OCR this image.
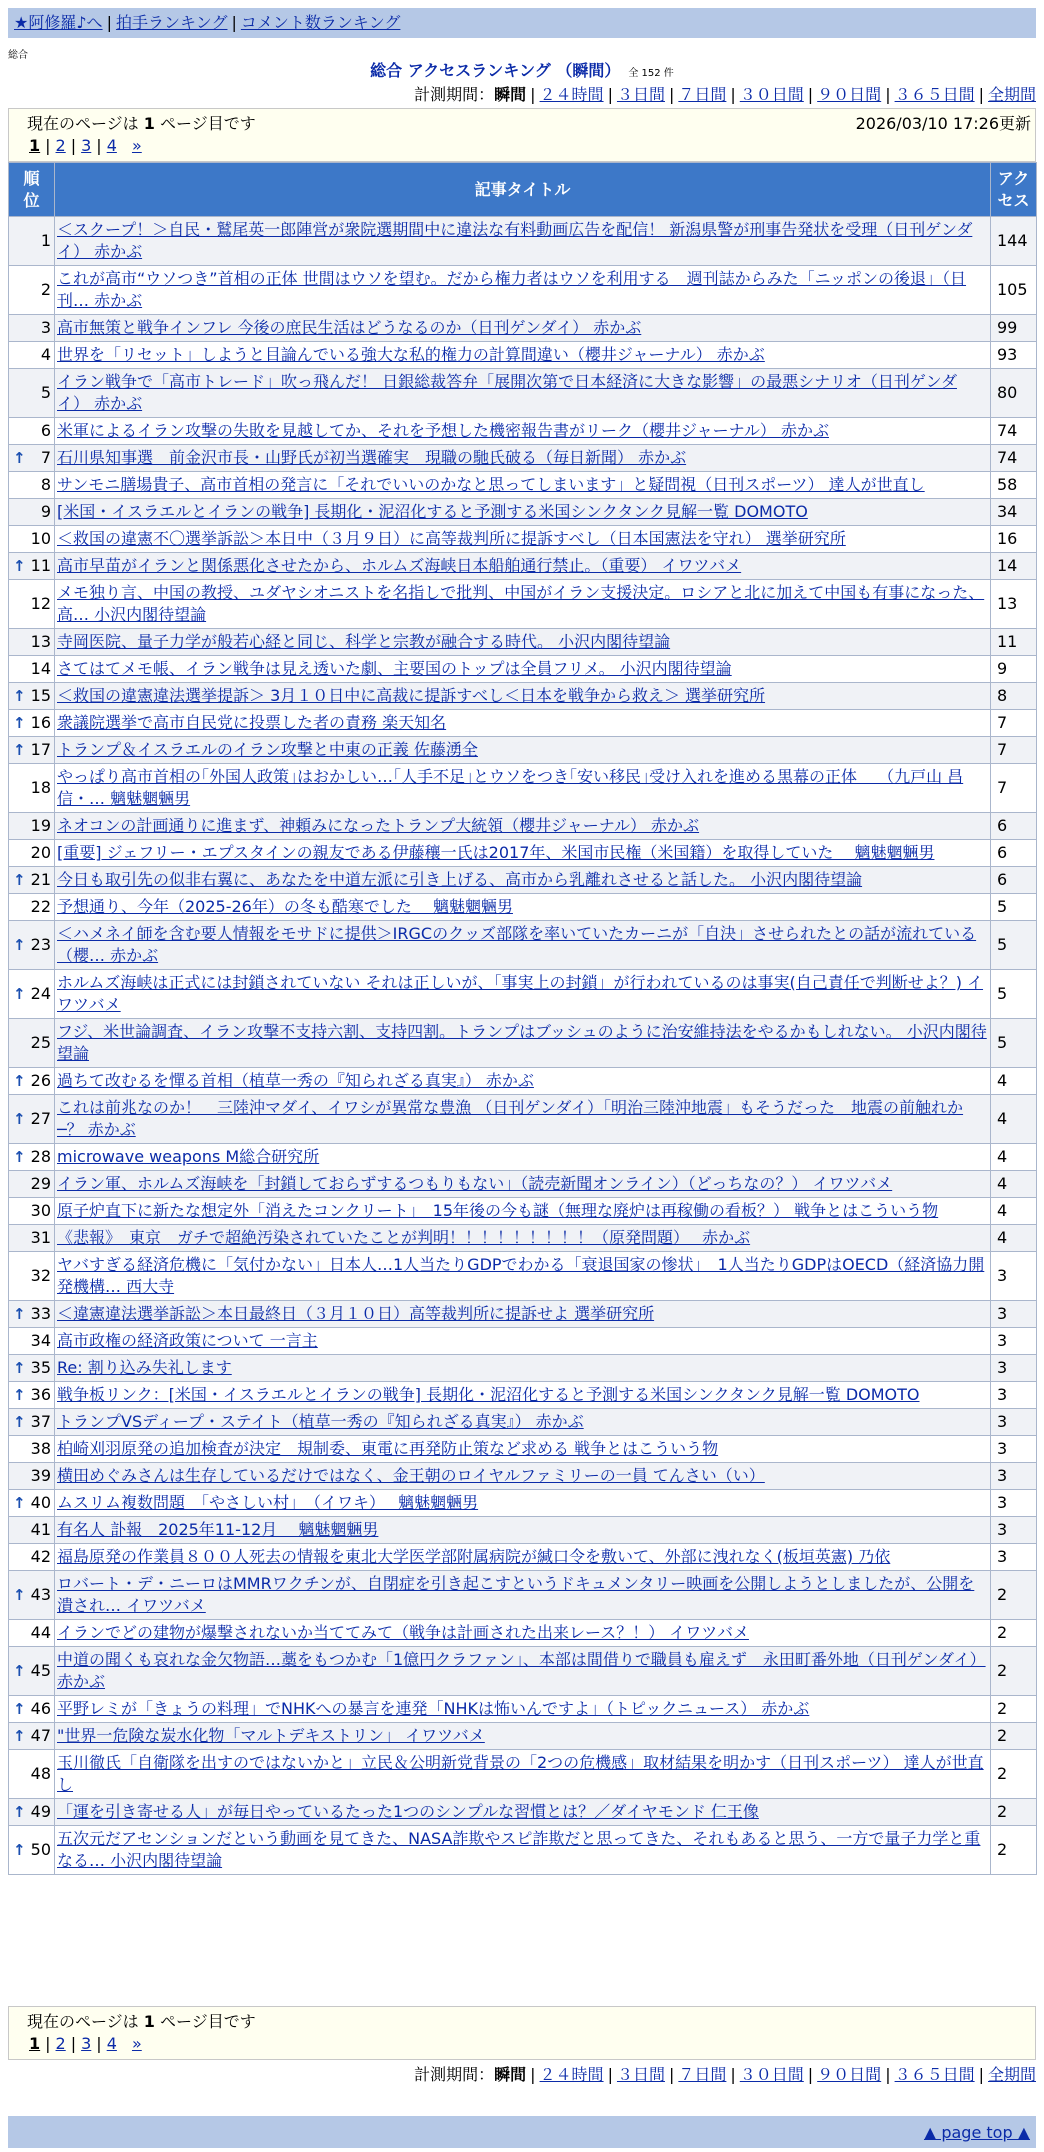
★阿修羅♪へ | 拍手ランキング | コメント数ランキング
総合
総合 アクセスランキング （瞬間） 全 152 件
計測期間：瞬間 | ２４時間 | ３日間 | ７日間 | ３０日間 | ９０日間 | ３６５日間 | 全期間
現在のページは 1 ページ目です	2026/03/10 17:26更新
1 | 2 | 3 | 4 »
順位	記事タイトル	アクセス
1	＜スクープ！＞自民・鷲尾英一郎陣営が衆院選期間中に違法な有料動画広告を配信！ 新潟県警が刑事告発状を受理（日刊ゲンダイ） 赤かぶ	144
2	これが高市“ウソつき”首相の正体 世間はウソを望む。だから権力者はウソを利用する　週刊誌からみた「ニッポンの後退」（日刊… 赤かぶ	105
3	高市無策と戦争インフレ 今後の庶民生活はどうなるのか（日刊ゲンダイ） 赤かぶ	99
4	世界を「リセット」しようと目論んでいる強大な私的権力の計算間違い（櫻井ジャーナル） 赤かぶ	93
5	イラン戦争で「高市トレード」吹っ飛んだ！ 日銀総裁答弁「展開次第で日本経済に大きな影響」の最悪シナリオ（日刊ゲンダイ） 赤かぶ	80
6	米軍によるイラン攻撃の失敗を見越してか、それを予想した機密報告書がリーク（櫻井ジャーナル） 赤かぶ	74

↑ 7	石川県知事選　前金沢市長・山野氏が初当選確実　現職の馳氏破る（毎日新聞） 赤かぶ	74
8	サンモニ膳場貴子、高市首相の発言に「それでいいのかなと思ってしまいます」と疑問視（日刊スポーツ） 達人が世直し	58
9	[米国・イスラエルとイランの戦争] 長期化・泥沼化すると予測する米国シンクタンク見解一覧 DOMOTO	34
10	＜救国の違憲不〇選挙訴訟＞本日中（３月９日）に高等裁判所に提訴すべし（日本国憲法を守れ） 選挙研究所	16

↑ 11	高市早苗がイランと関係悪化させたから、ホルムズ海峡日本船舶通行禁止。（重要） イワツバメ	14
12	メモ独り言、中国の教授、ユダヤシオニストを名指しで批判、中国がイラン支援決定。ロシアと北に加えて中国も有事になった、高… 小沢内閣待望論	13
13	寺岡医院、量子力学が般若心経と同じ、科学と宗教が融合する時代。 小沢内閣待望論	11
14	さてはてメモ帳、イラン戦争は見え透いた劇、主要国のトップは全員フリメ。 小沢内閣待望論	9

↑ 15	＜救国の違憲違法選挙提訴＞ 3月１０日中に高裁に提訴すべし＜日本を戦争から救え＞ 選挙研究所	8

↑ 16	衆議院選挙で高市自民党に投票した者の責務 楽天知名	7

↑ 17	トランプ＆イスラエルのイラン攻撃と中東の正義 佐藤湧全	7
18	やっぱり高市首相の｢外国人政策｣はおかしい…｢人手不足｣とウソをつき｢安い移民｣受け入れを進める黒幕の正体　 （九戸山 昌信・… 魑魅魍魎男	7
19	ネオコンの計画通りに進まず、神頼みになったトランプ大統領（櫻井ジャーナル） 赤かぶ	6
20	[重要] ジェフリー・エプスタインの親友である伊藤穰一氏は2017年、米国市民権（米国籍）を取得していた　 魑魅魍魎男	6

↑ 21	今日も取引先の似非右翼に、あなたを中道左派に引き上げる、高市から乳離れさせると話した。 小沢内閣待望論	6
22	予想通り、今年（2025-26年）の冬も酷寒でした　 魑魅魍魎男	5

↑ 23	＜ハメネイ師を含む要人情報をモサドに提供＞IRGCのクッズ部隊を率いていたカーニが「自決」させられたとの話が流れている（櫻… 赤かぶ	5

↑ 24	ホルムズ海峡は正式には封鎖されていない それは正しいが、「事実上の封鎖」が行われているのは事実(自己責任で判断せよ？) イワツバメ	5
25	フジ、米世論調査、イラン攻撃不支持六割、支持四割。トランプはブッシュのように治安維持法をやるかもしれない。 小沢内閣待望論	5

↑ 26	過ちて改むるを憚る首相（植草一秀の『知られざる真実』） 赤かぶ	4

↑ 27	これは前兆なのか！　三陸沖マダイ、イワシが異常な豊漁 （日刊ゲンダイ）「明治三陸沖地震」もそうだった　地震の前触れか─？ 赤かぶ	4

↑ 28	microwave weapons M総合研究所	4
29	イラン軍、ホルムズ海峡を「封鎖しておらずするつもりもない」（読売新聞オンライン）（どっちなの？） イワツバメ	4
30	原子炉直下に新たな想定外「消えたコンクリート」　15年後の今も謎（無理な廃炉は再稼働の看板？） 戦争とはこういう物	4
31	《悲報》　東京　ガチで超絶汚染されていたことが判明！！！！！！！！！（原発問題）　 赤かぶ	4
32	ヤバすぎる経済危機に「気付かない」日本人…1人当たりGDPでわかる「衰退国家の惨状」　1人当たりGDPはOECD（経済協力開発機構… 西大寺	3

↑ 33	＜違憲違法選挙訴訟＞本日最終日（３月１０日）高等裁判所に提訴せよ 選挙研究所	3
34	高市政権の経済政策について 一言主	3

↑ 35	Re: 割り込み失礼します	3

↑ 36	戦争板リンク：[米国・イスラエルとイランの戦争] 長期化・泥沼化すると予測する米国シンクタンク見解一覧 DOMOTO	3

↑ 37	トランプVSディープ・ステイト（植草一秀の『知られざる真実』） 赤かぶ	3
38	柏崎刈羽原発の追加検査が決定　規制委、東電に再発防止策など求める 戦争とはこういう物	3
39	横田めぐみさんは生存しているだけではなく、金王朝のロイヤルファミリーの一員 てんさい（い）	3

↑ 40	ムスリム複数問題　「やさしい村」　（イワキ）　 魑魅魍魎男	3
41	有名人 訃報　2025年11-12月　 魑魅魍魎男	3
42	福島原発の作業員８００人死去の情報を東北大学医学部附属病院が緘口令を敷いて、外部に洩れなく(板垣英憲) 乃依	3

↑ 43	ロバート・デ・ニーロはMMRワクチンが、自閉症を引き起こすというドキュメンタリー映画を公開しようとしましたが、公開を潰され… イワツバメ	2
44	イランでどの建物が爆撃されないか当ててみて（戦争は計画された出来レース？！） イワツバメ	2

↑ 45	中道の聞くも哀れな金欠物語…藁をもつかむ「1億円クラファン」、本部は間借りで職員も雇えず　永田町番外地（日刊ゲンダイ） 赤かぶ	2

↑ 46	平野レミが「きょうの料理」でNHKへの暴言を連発「NHKは怖いんですよ」（トピックニュース） 赤かぶ	2

↑ 47	"世界一危険な炭水化物「マルトデキストリン」 イワツバメ	2
48	玉川徹氏「自衛隊を出すのではないかと」立民＆公明新党背景の「2つの危機感」取材結果を明かす（日刊スポーツ） 達人が世直し	2

↑ 49	「運を引き寄せる人」が毎日やっているたった1つのシンプルな習慣とは？／ダイヤモンド 仁王像	2

↑ 50	五次元だアセンションだという動画を見てきた、NASA詐欺やスピ詐欺だと思ってきた、それもあると思う、一方で量子力学と重なる… 小沢内閣待望論	2
現在のページは 1 ページ目です
1 | 2 | 3 | 4 »
計測期間：瞬間 | ２４時間 | ３日間 | ７日間 | ３０日間 | ９０日間 | ３６５日間 | 全期間
▲ page top ▲
